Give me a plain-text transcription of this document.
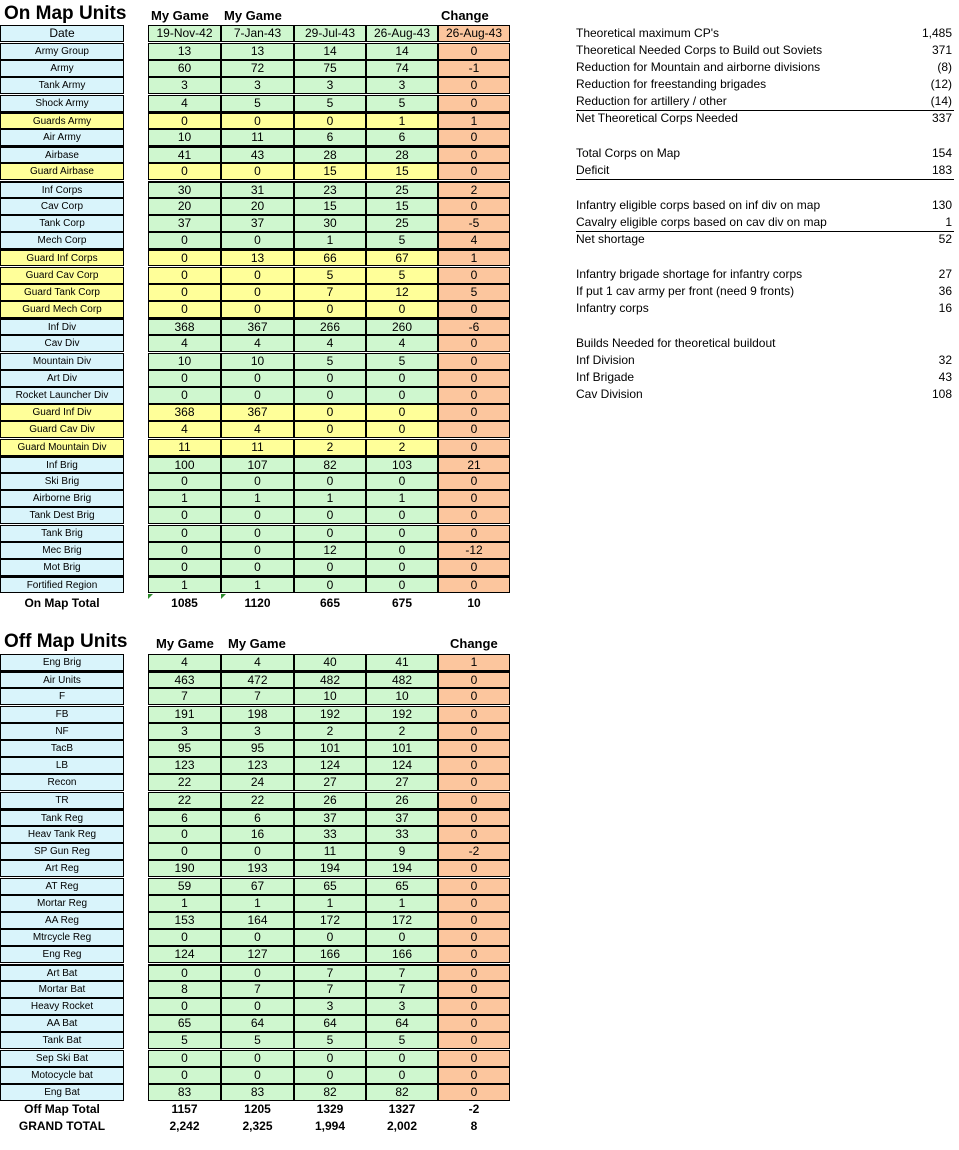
On Map Units My Game My Game	Change
Date	19-Nov-42	7-Jan-43	29-Jul-43	26-Aug-43	26-Aug-43
Army Group	13	13	14	14	0
Army	60	72	75	74	-1
Tank Army	3	3	3	3	0
Shock Army	4	5	5	5	0
Guards Army	0	0	0	1	1
Air Army	10	11	6	6	0
Airbase	41	43	28	28	0
Guard Airbase	0	0	15	15	0
Inf Corps	30	31	23	25	2
Cav Corp	20	20	15	15	0
Tank Corp	37	37	30	25	-5
Mech Corp	0	0	1	5	4
Guard Inf Corps	0	13	66	67	1
Guard Cav Corp	0	0	5	5	0
Guard Tank Corp	0	0	7	12	5
Guard Mech Corp	0	0	0	0	0
Inf Div	368	367	266	260	-6
Cav Div	4	4	4	4	0
Mountain Div	10	10	5	5	0
Art Div	0	0	0	0	0
Rocket Launcher Div	0	0	0	0	0
Guard Inf Div	368	367	0	0	0
Guard Cav Div	4	4	0	0	0
Guard Mountain Div	11	11	2	2	0
Inf Brig	100	107	82	103	21
Ski Brig	0	0	0	0	0
Airborne Brig	1	1	1	1	0
Tank Dest Brig	0	0	0	0	0
Tank Brig	0	0	0	0	0
Mec Brig	0	0	12	0	-12
Mot Brig	0	0	0	0	0
Fortified Region	1	1	0	0	0
On Map Total	1085	1120	665	675	10
Off Map Units My Game My Game	Change
Eng Brig	4	4	40	41	1
Air Units	463	472	482	482	0
F	7	7	10	10	0
FB	191	198	192	192	0
NF	3	3	2	2	0
TacB	95	95	101	101	0
LB	123	123	124	124	0
Recon	22	24	27	27	0
TR	22	22	26	26	0
Tank Reg	6	6	37	37	0
Heav Tank Reg	0	16	33	33	0
SP Gun Reg	0	0	11	9	-2
Art Reg	190	193	194	194	0
AT Reg	59	67	65	65	0
Mortar Reg	1	1	1	1	0
AA Reg	153	164	172	172	0
Mtrcycle Reg	0	0	0	0	0
Eng Reg	124	127	166	166	0
Art Bat	0	0	7	7	0
Mortar Bat	8	7	7	7	0
Heavy Rocket	0	0	3	3	0
AA Bat	65	64	64	64	0
Tank Bat	5	5	5	5	0
Sep Ski Bat	0	0	0	0	0
Motocycle bat	0	0	0	0	0
Eng Bat	83	83	82	82	0
Off Map Total	1157	1205	1329	1327	-2
GRAND TOTAL	2,242	2,325	1,994	2,002	8
Theoretical maximum CP's	1,485
Theoretical Needed Corps to Build out Soviets	371
Reduction for Mountain and airborne divisions	(8)
Reduction for freestanding brigades	(12)
Reduction for artillery / other	(14)
Net Theoretical Corps Needed	337
Total Corps on Map	154
Deficit	183
Infantry eligible corps based on inf div on map	130
Cavalry eligible corps based on cav div on map	1
Net shortage	52
Infantry brigade shortage for infantry corps	27
If put 1 cav army per front (need 9 fronts)	36
Infantry corps	16
Builds Needed for theoretical buildout
Inf Division	32
Inf Brigade	43
Cav Division	108
